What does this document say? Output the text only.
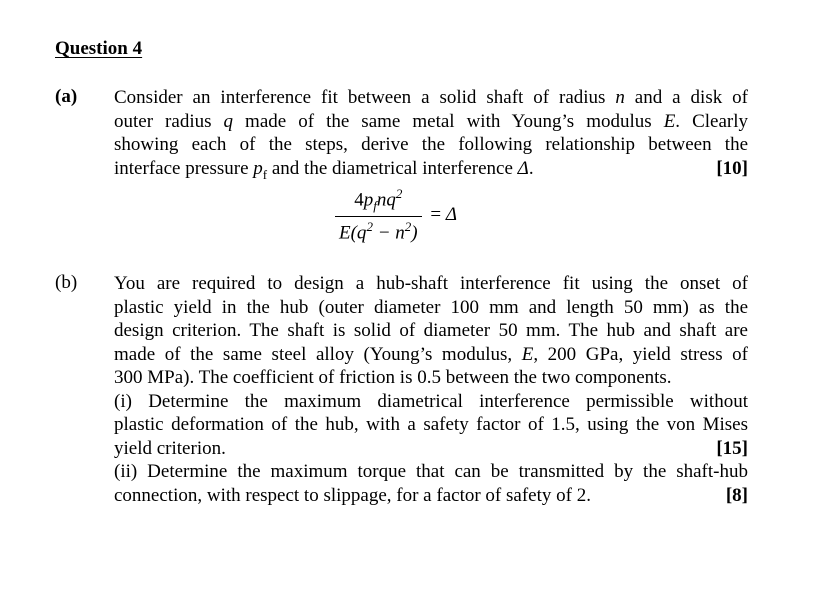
Question 4
(a) Consider an interference fit between a solid shaft of radius n and a disk of
outer radius q made of the same metal with Young’s modulus E. Clearly
showing each of the steps, derive the following relationship between the
interface pressure $p_f$ and the diametrical interference Δ.	[10]
$\frac{4p_fnq^2}{E(q^2 - n^2)} = \Delta$
(b) You are required to design a hub-shaft interference fit using the onset of
plastic yield in the hub (outer diameter 100 mm and length 50 mm) as the
design criterion. The shaft is solid of diameter 50 mm. The hub and shaft are
made of the same steel alloy (Young’s modulus, E, 200 GPa, yield stress of
300 MPa). The coefficient of friction is 0.5 between the two components.
(i) Determine the maximum diametrical interference permissible without
plastic deformation of the hub, with a safety factor of 1.5, using the von Mises
yield criterion.	[15]
(ii) Determine the maximum torque that can be transmitted by the shaft-hub
connection, with respect to slippage, for a factor of safety of 2.	[8]
